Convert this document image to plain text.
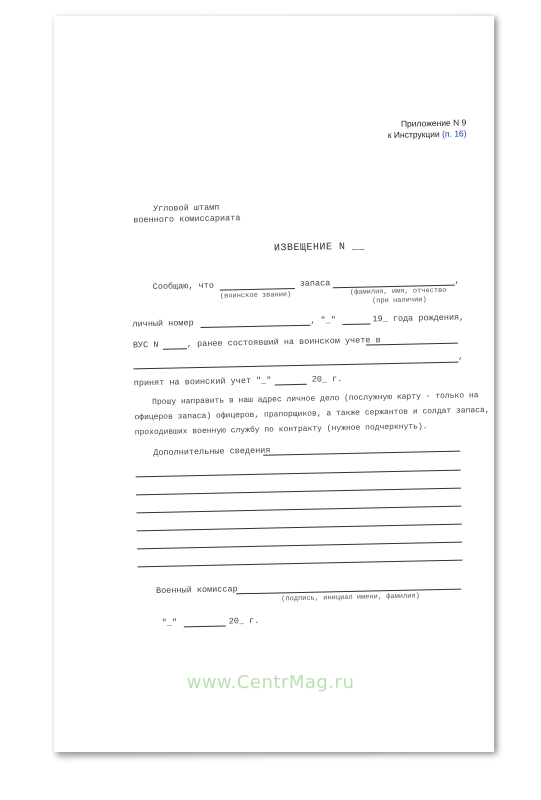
Приложение N 9
к Инструкции (п. 16)
Угловой штамп
военного комиссариата
ИЗВЕЩЕНИЕ N __
Сообщаю, что	запаса	,
(воинское звание)	(фамилия, имя, отчество
(при наличии)
личный номер	, "_"	19_ года рождения,
ВУС N	, ранее состоявший на воинском учете в
,
принят на воинский учет "_"	20_ г.
Прошу направить в наш адрес личное дело (послужную карту - только на
офицеров запаса) офицеров, прапорщиков, а также сержантов и солдат запаса,
проходивших военную службу по контракту (нужное подчеркнуть).
Дополнительные сведения
Военный комиссар
(подпись, инициал имени, фамилия)
"_"	20_ г.
www.CentrMag.ru
